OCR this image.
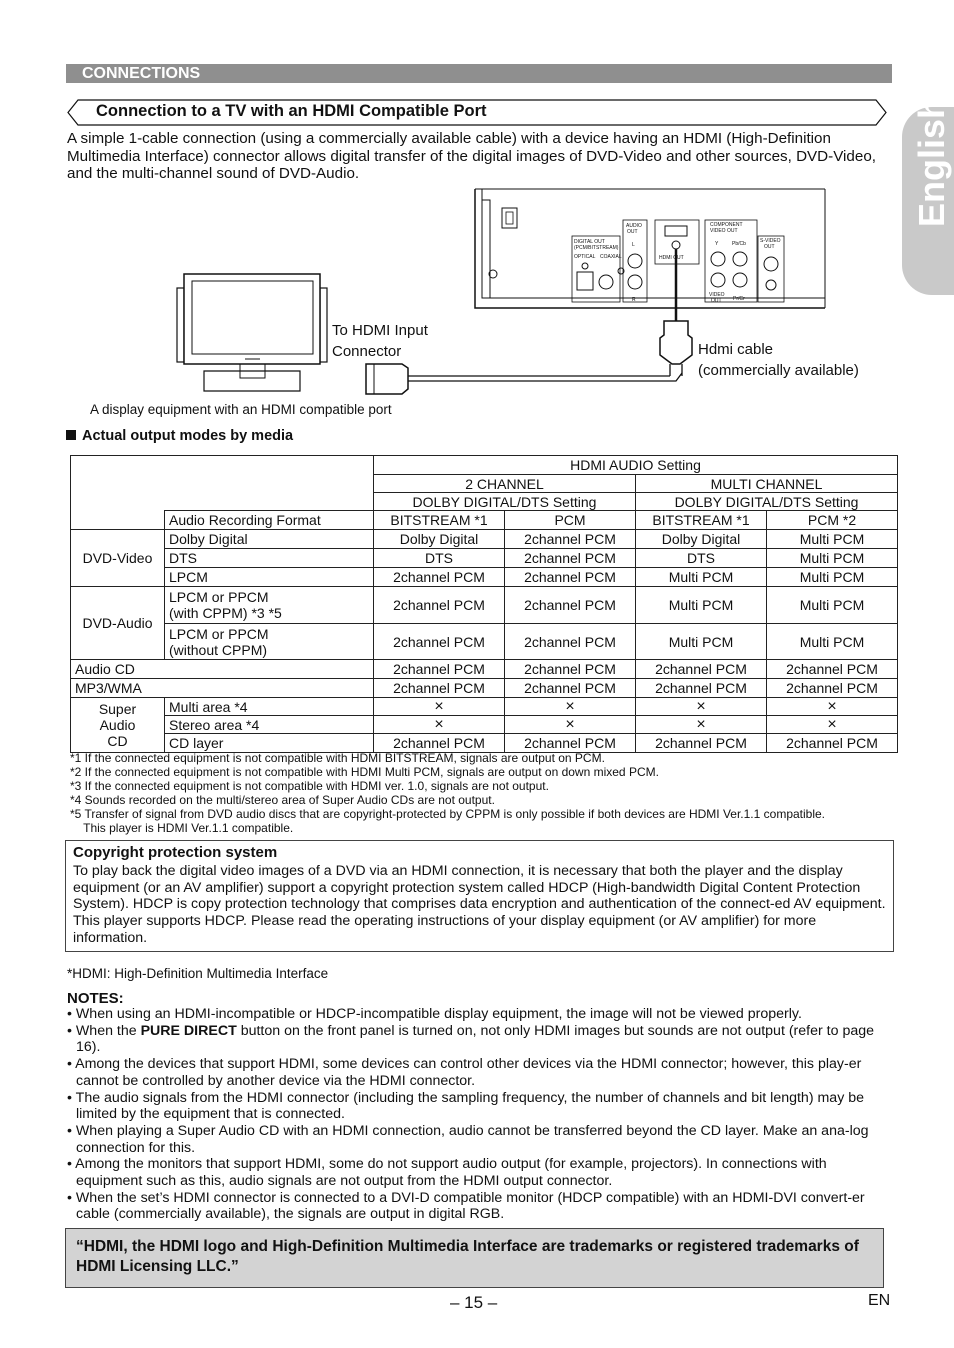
CONNECTIONS
English
Connection to a TV with an HDMI Compatible Port
A simple 1-cable connection (using a commercially available cable) with a device having an HDMI (High-Definition Multimedia Interface) connector allows digital transfer of the digital images of DVD-Video and other sources, DVD-Video, and the multi-channel sound of DVD-Audio.
DIGITAL OUT
(PCM/BITSTREAM)
OPTICAL COAXIAL
AUDIO
OUT
L
R
HDMI OUT
COMPONENT
VIDEO OUT
Y	Pb/Cb
VIDEO
OUT Pr/Cr
S-VIDEO
OUT
To HDMI Input
Connector	Hdmi cable
(commercially available)
A display equipment with an HDMI compatible port
Actual output modes by media
		HDMI AUDIO Setting			
		2 CHANNEL		MULTI CHANNEL	
		DOLBY DIGITAL/DTS Setting		DOLBY DIGITAL/DTS Setting	
	Audio Recording Format	BITSTREAM *1	PCM	BITSTREAM *1	PCM *2
DVD-Video	Dolby Digital	Dolby Digital	2channel PCM	Dolby Digital	Multi PCM
	DTS	DTS	2channel PCM	DTS	Multi PCM
	LPCM	2channel PCM	2channel PCM	Multi PCM	Multi PCM
DVD-Audio	LPCM or PPCM
(with CPPM) *3 *5	2channel PCM	2channel PCM	Multi PCM	Multi PCM

	LPCM or PPCM
(without CPPM)	2channel PCM	2channel PCM	Multi PCM	Multi PCM
Audio CD		2channel PCM	2channel PCM	2channel PCM	2channel PCM
MP3/WMA		2channel PCM	2channel PCM	2channel PCM	2channel PCM

Super
Audio
CD	Multi area *4	×	×	×	×
	Stereo area *4	×	×	×	×
	CD layer	2channel PCM	2channel PCM	2channel PCM	2channel PCM
*1 If the connected equipment is not compatible with HDMI BITSTREAM, signals are output on PCM.
*2 If the connected equipment is not compatible with HDMI Multi PCM, signals are output on down mixed PCM.
*3 If the connected equipment is not compatible with HDMI ver. 1.0, signals are not output.
*4 Sounds recorded on the multi/stereo area of Super Audio CDs are not output.
*5 Transfer of signal from DVD audio discs that are copyright-protected by CPPM is only possible if both devices are HDMI Ver.1.1 compatible.
This player is HDMI Ver.1.1 compatible.
Copyright protection system
To play back the digital video images of a DVD via an HDMI connection, it is necessary that both the player and the display equipment (or an AV amplifier) support a copyright protection system called HDCP (High-bandwidth Digital Content Protection System). HDCP is copy protection technology that comprises data encryption and authentication of the connect-ed AV equipment.
This player supports HDCP. Please read the operating instructions of your display equipment (or AV amplifier) for more information.
*HDMI: High-Definition Multimedia Interface
NOTES:
• When using an HDMI-incompatible or HDCP-incompatible display equipment, the image will not be viewed properly.
• When the PURE DIRECT button on the front panel is turned on, not only HDMI images but sounds are not output (refer to page 16).
• Among the devices that support HDMI, some devices can control other devices via the HDMI connector; however, this play-er cannot be controlled by another device via the HDMI connector.
• The audio signals from the HDMI connector (including the sampling frequency, the number of channels and bit length) may be limited by the equipment that is connected.
• When playing a Super Audio CD with an HDMI connection, audio cannot be transferred beyond the CD layer. Make an ana-log connection for this.
• Among the monitors that support HDMI, some do not support audio output (for example, projectors). In connections with equipment such as this, audio signals are not output from the HDMI output connector.
• When the set’s HDMI connector is connected to a DVI-D compatible monitor (HDCP compatible) with an HDMI-DVI convert-er cable (commercially available), the signals are output in digital RGB.
“HDMI, the HDMI logo and High-Definition Multimedia Interface are trademarks or registered trademarks of HDMI Licensing LLC.”
– 15 –	EN
